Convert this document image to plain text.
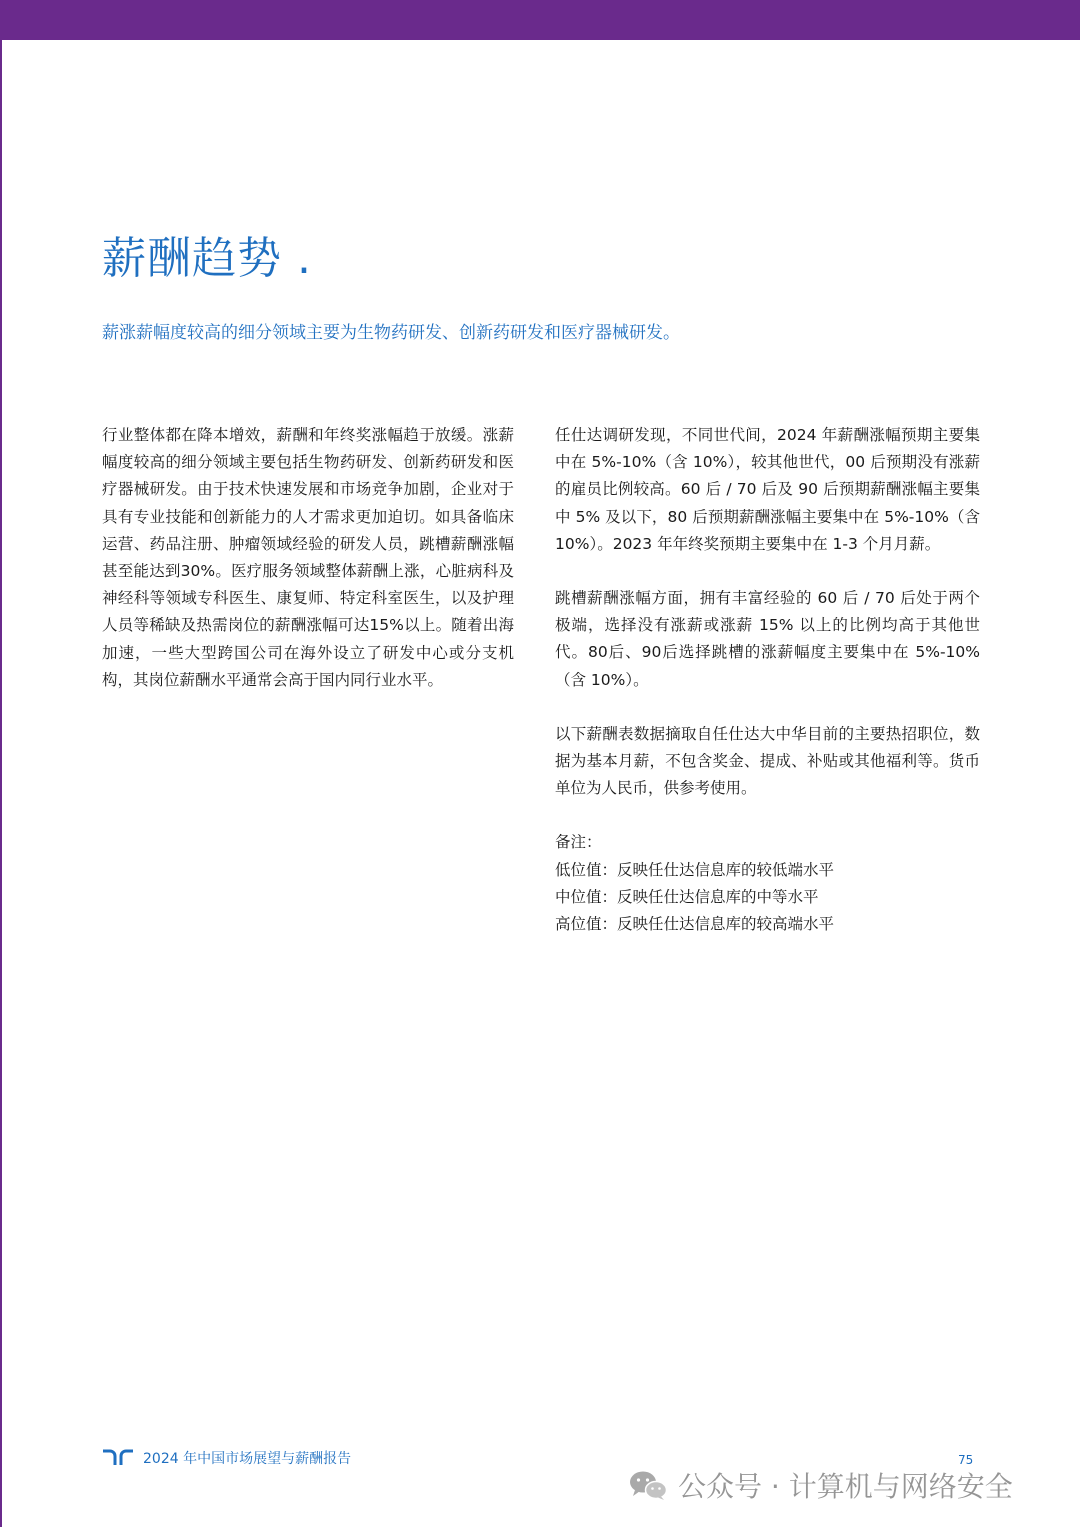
薪酬趋势 .

薪涨薪幅度较高的细分领域主要为生物药研发、创新药研发和医疗器械研发。

行业整体都在降本增效，薪酬和年终奖涨幅趋于放缓。涨薪幅度较高的细分领域主要包括生物药研发、创新药研发和医疗器械研发。由于技术快速发展和市场竞争加剧，企业对于具有专业技能和创新能力的人才需求更加迫切。如具备临床运营、药品注册、肿瘤领域经验的研发人员，跳槽薪酬涨幅甚至能达到30%。医疗服务领域整体薪酬上涨，心脏病科及神经科等领域专科医生、康复师、特定科室医生，以及护理人员等稀缺及热需岗位的薪酬涨幅可达15%以上。随着出海加速，一些大型跨国公司在海外设立了研发中心或分支机构，其岗位薪酬水平通常会高于国内同行业水平。

任仕达调研发现，不同世代间，2024 年薪酬涨幅预期主要集中在 5%-10%（含 10%），较其他世代，00 后预期没有涨薪的雇员比例较高。60 后 / 70 后及 90 后预期薪酬涨幅主要集中 5% 及以下，80 后预期薪酬涨幅主要集中在 5%-10%（含 10%）。2023 年年终奖预期主要集中在 1-3 个月月薪。

跳槽薪酬涨幅方面，拥有丰富经验的 60 后 / 70 后处于两个极端，选择没有涨薪或涨薪 15% 以上的比例均高于其他世代。80后、90后选择跳槽的涨薪幅度主要集中在 5%-10%（含 10%）。

以下薪酬表数据摘取自任仕达大中华目前的主要热招职位，数据为基本月薪，不包含奖金、提成、补贴或其他福利等。货币单位为人民币，供参考使用。

备注：

低位值：反映任仕达信息库的较低端水平

中位值：反映任仕达信息库的中等水平

高位值：反映任仕达信息库的较高端水平

2024 年中国市场展望与薪酬报告	75
公众号 · 计算机与网络安全
